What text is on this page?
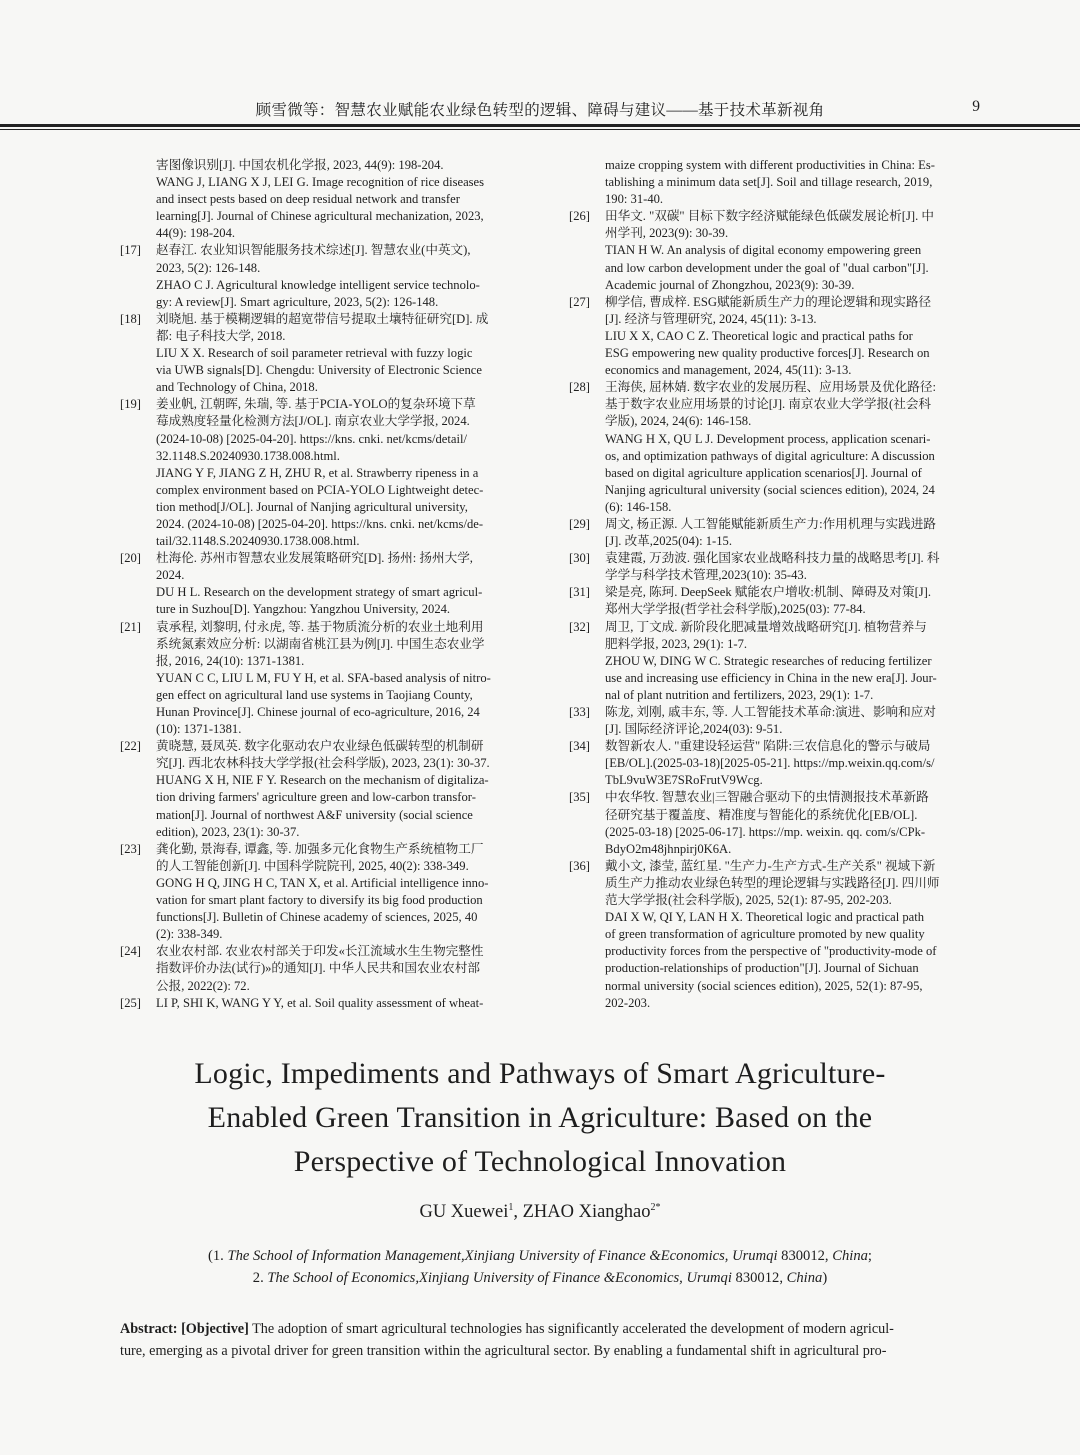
顾雪微等：智慧农业赋能农业绿色转型的逻辑、障碍与建议——基于技术革新视角	9
害图像识别[J]. 中国农机化学报, 2023, 44(9): 198-204.
WANG J, LIANG X J, LEI G. Image recognition of rice diseases
and insect pests based on deep residual network and transfer
learning[J]. Journal of Chinese agricultural mechanization, 2023,
44(9): 198-204.
[17] 赵春江. 农业知识智能服务技术综述[J]. 智慧农业(中英文),
2023, 5(2): 126-148.
ZHAO C J. Agricultural knowledge intelligent service technolo-
gy: A review[J]. Smart agriculture, 2023, 5(2): 126-148.
[18] 刘晓旭. 基于模糊逻辑的超宽带信号提取土壤特征研究[D]. 成
都: 电子科技大学, 2018.
LIU X X. Research of soil parameter retrieval with fuzzy logic
via UWB signals[D]. Chengdu: University of Electronic Science
and Technology of China, 2018.
[19] 姜业帆, 江朝晖, 朱瑞, 等. 基于PCIA-YOLO的复杂环境下草
莓成熟度轻量化检测方法[J/OL]. 南京农业大学学报, 2024.
(2024-10-08) [2025-04-20]. https://kns. cnki. net/kcms/detail/
32.1148.S.20240930.1738.008.html.
JIANG Y F, JIANG Z H, ZHU R, et al. Strawberry ripeness in a
complex environment based on PCIA-YOLO Lightweight detec-
tion method[J/OL]. Journal of Nanjing agricultural university,
2024. (2024-10-08) [2025-04-20]. https://kns. cnki. net/kcms/de-
tail/32.1148.S.20240930.1738.008.html.
[20] 杜海伦. 苏州市智慧农业发展策略研究[D]. 扬州: 扬州大学,
2024.
DU H L. Research on the development strategy of smart agricul-
ture in Suzhou[D]. Yangzhou: Yangzhou University, 2024.
[21] 袁承程, 刘黎明, 付永虎, 等. 基于物质流分析的农业土地利用
系统氮素效应分析: 以湖南省桃江县为例[J]. 中国生态农业学
报, 2016, 24(10): 1371-1381.
YUAN C C, LIU L M, FU Y H, et al. SFA-based analysis of nitro-
gen effect on agricultural land use systems in Taojiang County,
Hunan Province[J]. Chinese journal of eco-agriculture, 2016, 24
(10): 1371-1381.
[22] 黄晓慧, 聂凤英. 数字化驱动农户农业绿色低碳转型的机制研
究[J]. 西北农林科技大学学报(社会科学版), 2023, 23(1): 30-37.
HUANG X H, NIE F Y. Research on the mechanism of digitaliza-
tion driving farmers' agriculture green and low-carbon transfor-
mation[J]. Journal of northwest A&F university (social science
edition), 2023, 23(1): 30-37.
[23] 龚化勤, 景海春, 谭鑫, 等. 加强多元化食物生产系统植物工厂
的人工智能创新[J]. 中国科学院院刊, 2025, 40(2): 338-349.
GONG H Q, JING H C, TAN X, et al. Artificial intelligence inno-
vation for smart plant factory to diversify its big food production
functions[J]. Bulletin of Chinese academy of sciences, 2025, 40
(2): 338-349.
[24] 农业农村部. 农业农村部关于印发«长江流域水生生物完整性
指数评价办法(试行)»的通知[J]. 中华人民共和国农业农村部
公报, 2022(2): 72.
[25] LI P, SHI K, WANG Y Y, et al. Soil quality assessment of wheat-
maize cropping system with different productivities in China: Es-
tablishing a minimum data set[J]. Soil and tillage research, 2019,
190: 31-40.
[26] 田华文. "双碳" 目标下数字经济赋能绿色低碳发展论析[J]. 中
州学刊, 2023(9): 30-39.
TIAN H W. An analysis of digital economy empowering green
and low carbon development under the goal of "dual carbon"[J].
Academic journal of Zhongzhou, 2023(9): 30-39.
[27] 柳学信, 曹成梓. ESG赋能新质生产力的理论逻辑和现实路径
[J]. 经济与管理研究, 2024, 45(11): 3-13.
LIU X X, CAO C Z. Theoretical logic and practical paths for
ESG empowering new quality productive forces[J]. Research on
economics and management, 2024, 45(11): 3-13.
[28] 王海侠, 屈林婧. 数字农业的发展历程、应用场景及优化路径:
基于数字农业应用场景的讨论[J]. 南京农业大学学报(社会科
学版), 2024, 24(6): 146-158.
WANG H X, QU L J. Development process, application scenari-
os, and optimization pathways of digital agriculture: A discussion
based on digital agriculture application scenarios[J]. Journal of
Nanjing agricultural university (social sciences edition), 2024, 24
(6): 146-158.
[29] 周文, 杨正源. 人工智能赋能新质生产力:作用机理与实践进路
[J]. 改革,2025(04): 1-15.
[30] 袁建霞, 万劲波. 强化国家农业战略科技力量的战略思考[J]. 科
学学与科学技术管理,2023(10): 35-43.
[31] 梁是亮, 陈珂. DeepSeek 赋能农户增收:机制、障碍及对策[J].
郑州大学学报(哲学社会科学版),2025(03): 77-84.
[32] 周卫, 丁文成. 新阶段化肥减量增效战略研究[J]. 植物营养与
肥料学报, 2023, 29(1): 1-7.
ZHOU W, DING W C. Strategic researches of reducing fertilizer
use and increasing use efficiency in China in the new era[J]. Jour-
nal of plant nutrition and fertilizers, 2023, 29(1): 1-7.
[33] 陈龙, 刘刚, 戚丰东, 等. 人工智能技术革命:演进、影响和应对
[J]. 国际经济评论,2024(03): 9-51.
[34] 数智新农人. "重建设轻运营" 陷阱:三农信息化的警示与破局
[EB/OL].(2025-03-18)[2025-05-21]. https://mp.weixin.qq.com/s/
TbL9vuW3E7SRoFrutV9Wcg.
[35] 中农华牧. 智慧农业|三智融合驱动下的虫情测报技术革新路
径研究基于覆盖度、精准度与智能化的系统优化[EB/OL].
(2025-03-18) [2025-06-17]. https://mp. weixin. qq. com/s/CPk-
BdyO2m48jhnpirj0K6A.
[36] 戴小文, 漆莹, 蓝红星. "生产力-生产方式-生产关系" 视域下新
质生产力推动农业绿色转型的理论逻辑与实践路径[J]. 四川师
范大学学报(社会科学版), 2025, 52(1): 87-95, 202-203.
DAI X W, QI Y, LAN H X. Theoretical logic and practical path
of green transformation of agriculture promoted by new quality
productivity forces from the perspective of "productivity-mode of
production-relationships of production"[J]. Journal of Sichuan
normal university (social sciences edition), 2025, 52(1): 87-95,
202-203.
Logic, Impediments and Pathways of Smart Agriculture-
Enabled Green Transition in Agriculture: Based on the
Perspective of Technological Innovation
GU Xuewei$^1$, ZHAO Xianghao$^{2*}$
(1. The School of Information Management,Xinjiang University of Finance &Economics, Urumqi 830012, China;
2. The School of Economics,Xinjiang University of Finance &Economics, Urumqi 830012, China)
Abstract: [Objective] The adoption of smart agricultural technologies has significantly accelerated the development of modern agricul-
ture, emerging as a pivotal driver for green transition within the agricultural sector. By enabling a fundamental shift in agricultural pro-
